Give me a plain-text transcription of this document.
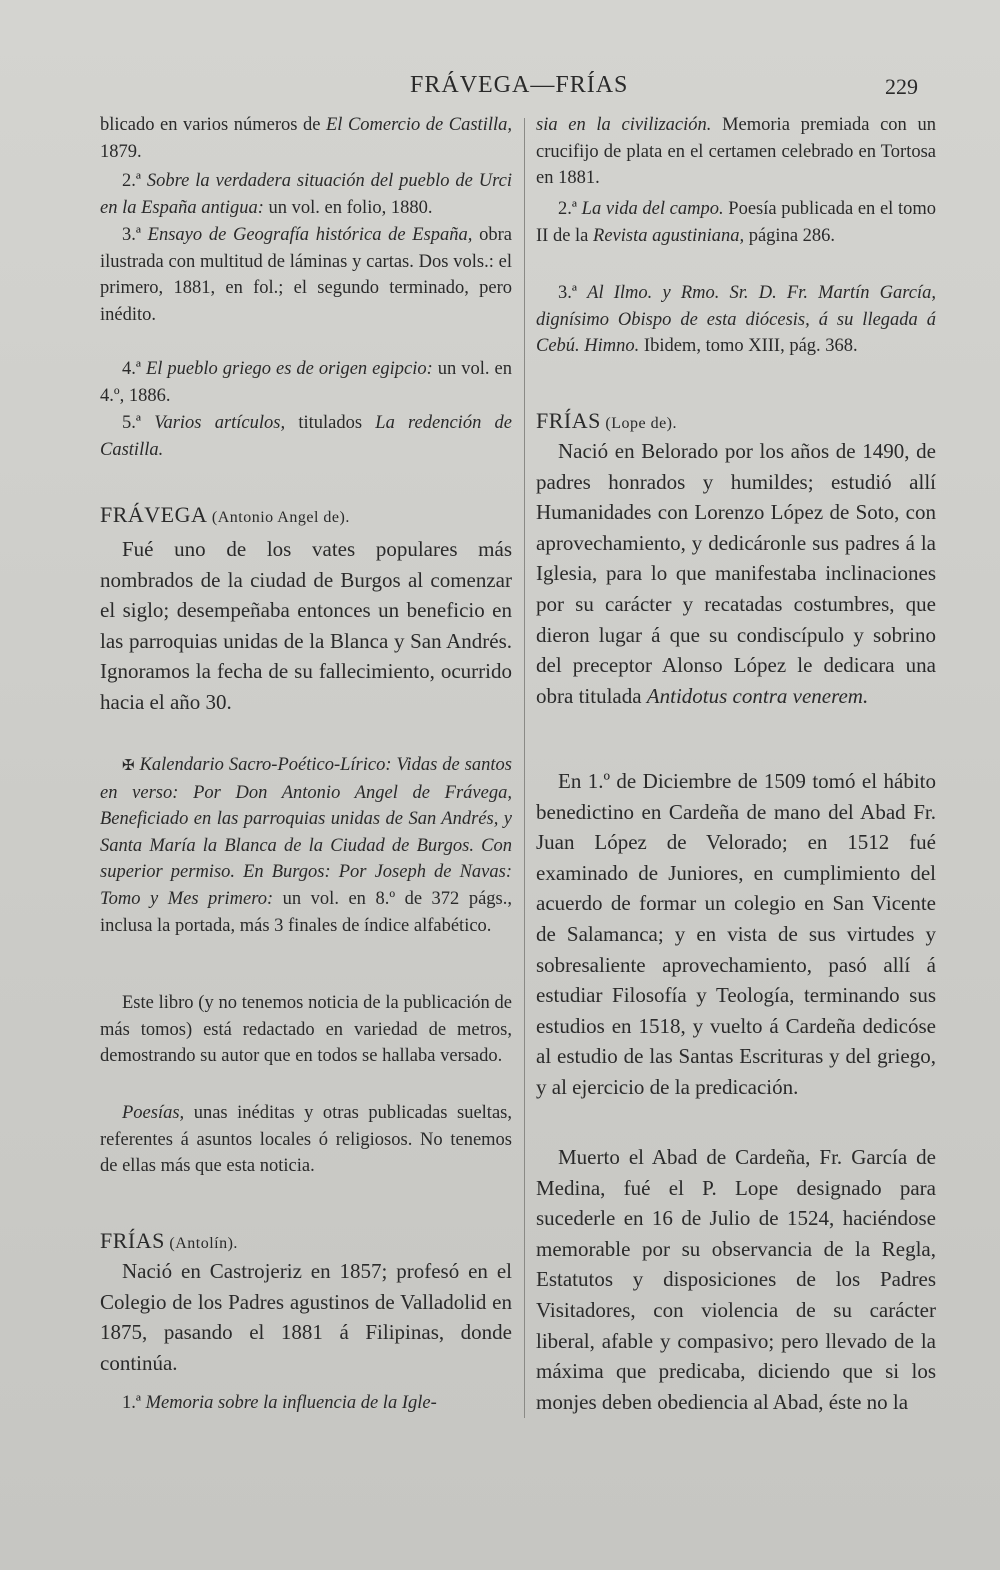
FRÁVEGA—FRÍAS	229

blicado en varios números de El Comercio de Castilla, 1879.

2.ª Sobre la verdadera situación del pueblo de Urci en la España antigua: un vol. en folio, 1880.

3.ª Ensayo de Geografía histórica de España, obra ilustrada con multitud de láminas y cartas. Dos vols.: el primero, 1881, en fol.; el segundo terminado, pero inédito.

4.ª El pueblo griego es de origen egipcio: un vol. en 4.º, 1886.

5.ª Varios artículos, titulados La redención de Castilla.

FRÁVEGA (Antonio Angel de).

Fué uno de los vates populares más nombrados de la ciudad de Burgos al comenzar el siglo; desempeñaba entonces un beneficio en las parroquias unidas de la Blanca y San Andrés. Ignoramos la fecha de su fallecimiento, ocurrido hacia el año 30.

✠ Kalendario Sacro-Poético-Lírico: Vidas de santos en verso: Por Don Antonio Angel de Frávega, Beneficiado en las parroquias unidas de San Andrés, y Santa María la Blanca de la Ciudad de Burgos. Con superior permiso. En Burgos: Por Joseph de Navas: Tomo y Mes primero: un vol. en 8.º de 372 págs., inclusa la portada, más 3 finales de índice alfabético.

Este libro (y no tenemos noticia de la publicación de más tomos) está redactado en variedad de metros, demostrando su autor que en todos se hallaba versado.

Poesías, unas inéditas y otras publicadas sueltas, referentes á asuntos locales ó religiosos. No tenemos de ellas más que esta noticia.

FRÍAS (Antolín).

Nació en Castrojeriz en 1857; profesó en el Colegio de los Padres agustinos de Valladolid en 1875, pasando el 1881 á Filipinas, donde continúa.

1.ª Memoria sobre la influencia de la Igle-

sia en la civilización. Memoria premiada con un crucifijo de plata en el certamen celebrado en Tortosa en 1881.

2.ª La vida del campo. Poesía publicada en el tomo II de la Revista agustiniana, página 286.

3.ª Al Ilmo. y Rmo. Sr. D. Fr. Martín García, dignísimo Obispo de esta diócesis, á su llegada á Cebú. Himno. Ibidem, tomo XIII, pág. 368.

FRÍAS (Lope de).

Nació en Belorado por los años de 1490, de padres honrados y humildes; estudió allí Humanidades con Lorenzo López de Soto, con aprovechamiento, y dedicáronle sus padres á la Iglesia, para lo que manifestaba inclinaciones por su carácter y recatadas costumbres, que dieron lugar á que su condiscípulo y sobrino del preceptor Alonso López le dedicara una obra titulada Antidotus contra venerem.

En 1.º de Diciembre de 1509 tomó el hábito benedictino en Cardeña de mano del Abad Fr. Juan López de Velorado; en 1512 fué examinado de Juniores, en cumplimiento del acuerdo de formar un colegio en San Vicente de Salamanca; y en vista de sus virtudes y sobresaliente aprovechamiento, pasó allí á estudiar Filosofía y Teología, terminando sus estudios en 1518, y vuelto á Cardeña dedicóse al estudio de las Santas Escrituras y del griego, y al ejercicio de la predicación.

Muerto el Abad de Cardeña, Fr. García de Medina, fué el P. Lope designado para sucederle en 16 de Julio de 1524, haciéndose memorable por su observancia de la Regla, Estatutos y disposiciones de los Padres Visitadores, con violencia de su carácter liberal, afable y compasivo; pero llevado de la máxima que predicaba, diciendo que si los monjes deben obediencia al Abad, éste no la
